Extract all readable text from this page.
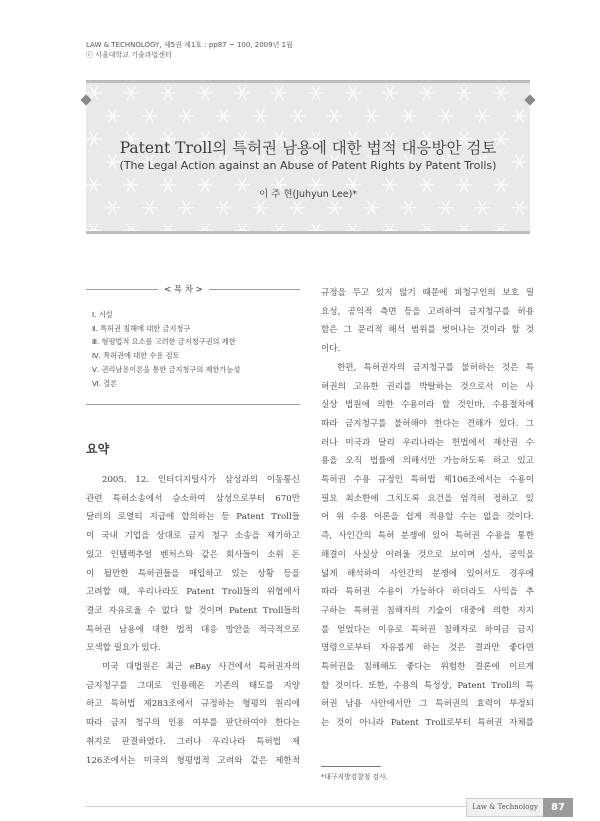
LAW & TECHNOLOGY, 제5권 제1호 : pp87 ~ 100, 2009년 1월
ⓒ 서울대학교 기술과법센터
Patent Troll의 특허권 남용에 대한 법적 대응방안 검토
(The Legal Action against an Abuse of Patent Rights by Patent Trolls)
이 주 현(Juhyun Lee)*
Ⅰ. 서설
Ⅱ. 특허권 침해에 대한 금지청구
Ⅲ. 형평법적 요소를 고려한 금지청구권의 제한
Ⅳ. 특허권에 대한 수용 검토
Ⅴ. 권리남용이론을 통한 금지청구의 제한가능성
Ⅵ. 결론
< 목 차 >
요약

2005. 12. 인터디지털사가 삼성과의 이동통신

관련 특허소송에서 승소하여 삼성으로부터 670만

달러의 로열티 지급에 합의하는 등 Patent Troll들

이 국내 기업을 상대로 금지 청구 소송을 제기하고

있고 인텔렉추얼 벤처스와 같은 회사들이 소위 돈

이 될만한 특허권들을 매입하고 있는 상황 등을

고려할 때, 우리나라도 Patent Troll들의 위협에서

결코 자유로울 수 없다 할 것이며 Patent Troll들의

특허권 남용에 대한 법적 대응 방안을 적극적으로

모색할 필요가 있다.

미국 대법원은 최근 eBay 사건에서 특허권자의

금지청구를 그대로 인용해온 기존의 태도를 지양

하고 특허법 제283조에서 규정하는 형평의 원리에

따라 금지 청구의 인용 여부를 판단하여야 한다는

취지로 판결하였다. 그러나 우리나라 특허법 제

126조에서는 미국의 형평법적 고려와 같은 제한적

규정을 두고 있지 않기 때문에 피청구인의 보호 필

요성, 공익적 측면 등을 고려하여 금지청구를 허용

함은 그 문리적 해석 범위를 벗어나는 것이라 할 것

이다.

한편, 특허권자의 금지청구를 불허하는 것은 특

허권의 고유한 권리를 박탈하는 것으로서 이는 사

실상 법원에 의한 수용이라 할 것인바, 수용절차에

따라 금지청구를 불허해야 한다는 견해가 있다. 그

러나 미국과 달리 우리나라는 헌법에서 재산권 수

용을 오직 법률에 의해서만 가능하도록 하고 있고

특허권 수용 규정인 특허법 제106조에서는 수용이

필요 최소한에 그치도록 요건을 엄격히 정하고 있

어 위 수용 이론을 쉽게 적용할 수는 없을 것이다.

즉, 사인간의 특허 분쟁에 있어 특허권 수용을 통한

해결이 사실상 어려울 것으로 보이며 설사, 공익을

넓게 해석하여 사인간의 분쟁에 있어서도 경우에

따라 특허권 수용이 가능하다 하더라도 사익을 추

구하는 특허권 침해자의 기술이 대중에 의한 지지

를 얻었다는 이유로 특허권 침해자로 하여금 금지

명령으로부터 자유롭게 하는 것은 결과만 좋다면

특허권을 침해해도 좋다는 위험한 결론에 이르게

할 것이다. 또한, 수용의 특성상, Patent Troll의 특

허권 남용 사안에서만 그 특허권의 효력이 부정되

는 것이 아니라 Patent Troll로부터 특허권 자체를

*대구지방검찰청 검사.
Law & Technology	87
